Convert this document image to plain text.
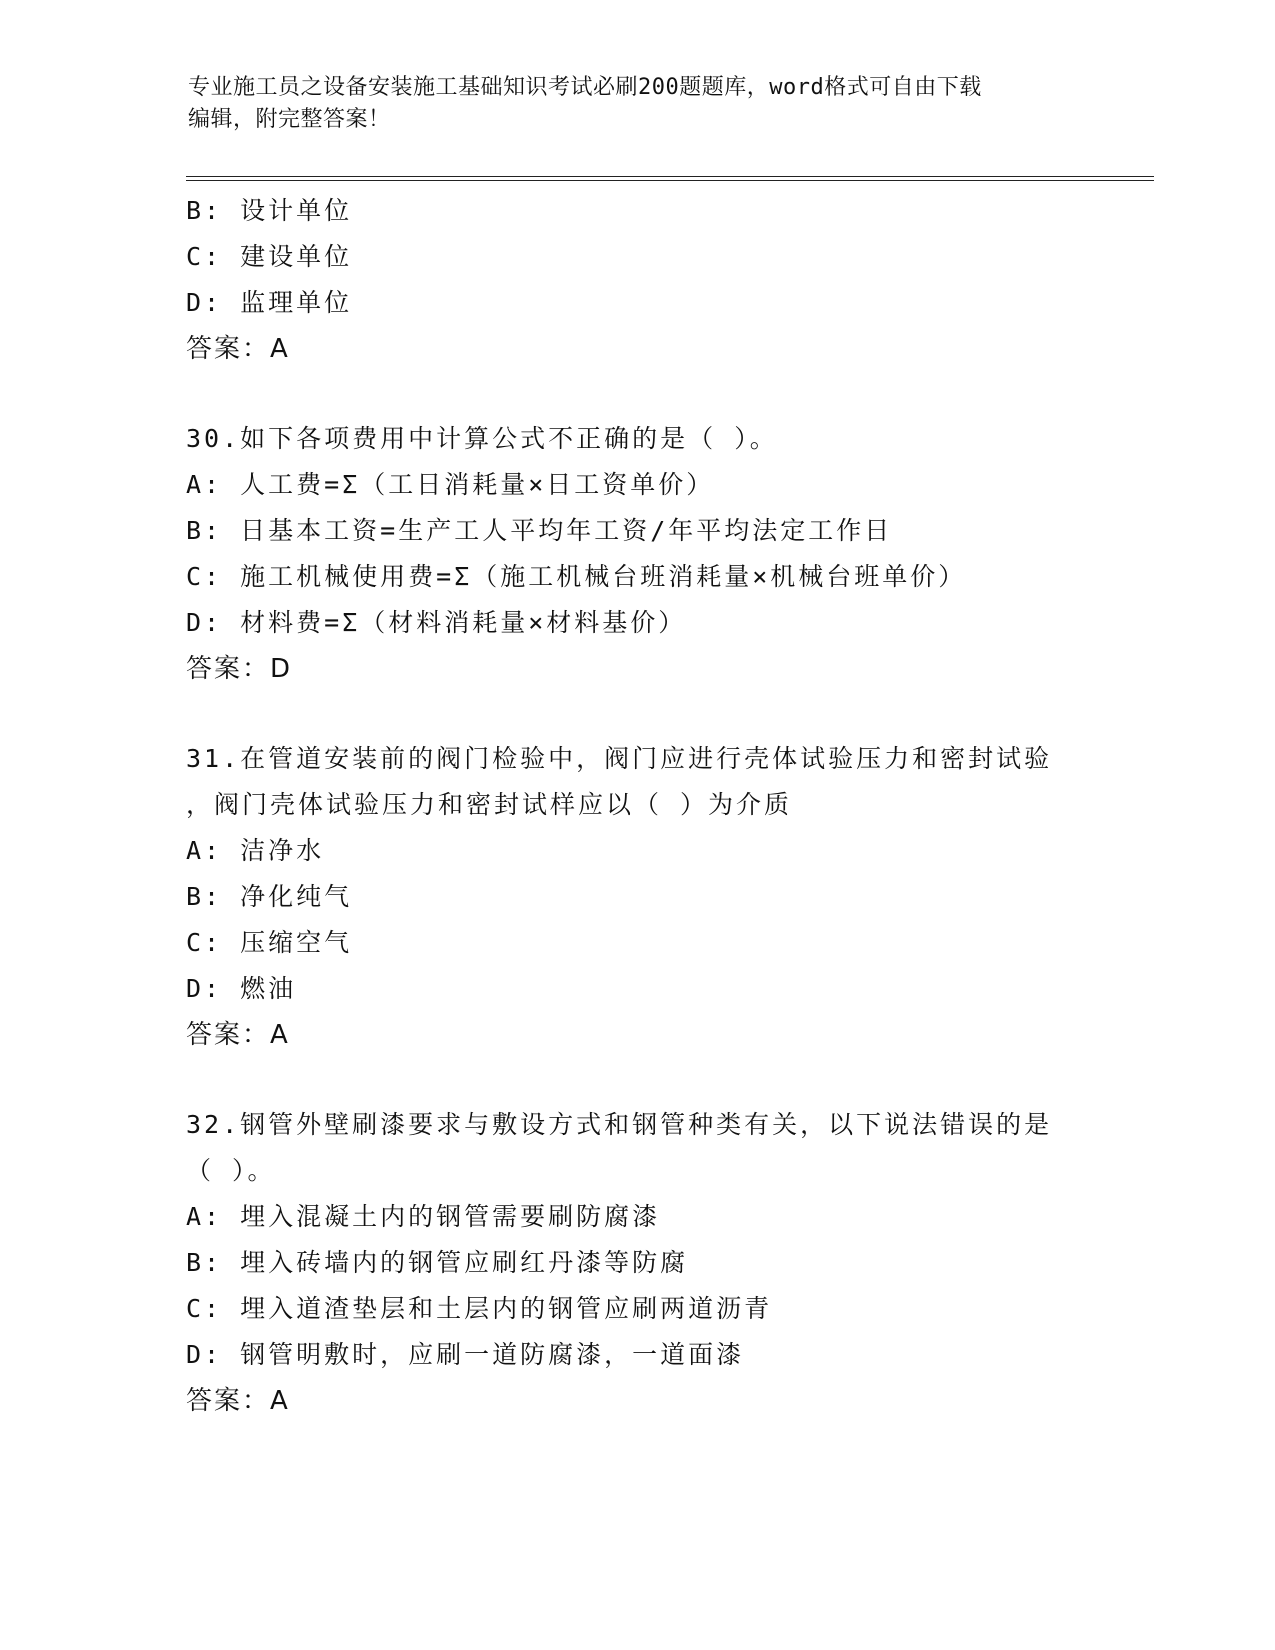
专业施工员之设备安装施工基础知识考试必刷200题题库，word格式可自由下载
编辑，附完整答案！
B: 设计单位
C: 建设单位
D: 监理单位
答案：A
30.如下各项费用中计算公式不正确的是（ ）。
A: 人工费=Σ（工日消耗量×日工资单价）
B: 日基本工资=生产工人平均年工资/年平均法定工作日
C: 施工机械使用费=Σ（施工机械台班消耗量×机械台班单价）
D: 材料费=Σ（材料消耗量×材料基价）
答案：D
31.在管道安装前的阀门检验中，阀门应进行壳体试验压力和密封试验
，阀门壳体试验压力和密封试样应以（ ）为介质
A: 洁净水
B: 净化纯气
C: 压缩空气
D: 燃油
答案：A
32.钢管外壁刷漆要求与敷设方式和钢管种类有关，以下说法错误的是
（ ）。
A: 埋入混凝土内的钢管需要刷防腐漆
B: 埋入砖墙内的钢管应刷红丹漆等防腐
C: 埋入道渣垫层和土层内的钢管应刷两道沥青
D: 钢管明敷时，应刷一道防腐漆，一道面漆
答案：A
